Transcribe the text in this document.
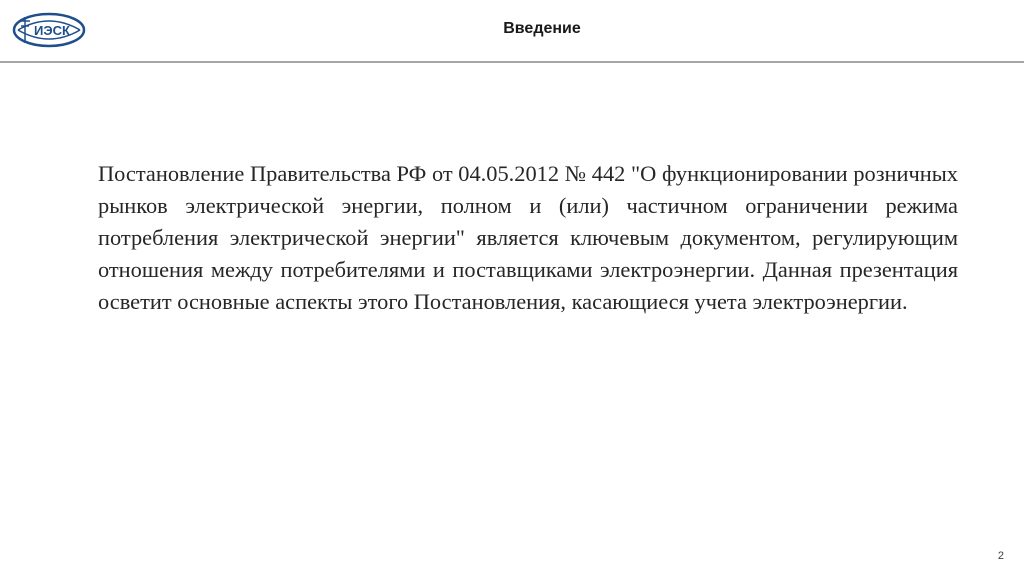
ИЭСК	Введение
Постановление Правительства РФ от 04.05.2012 № 442 "О функционировании розничных рынков электрической энергии, полном и (или) частичном ограничении режима потребления электрической энергии" является ключевым документом, регулирующим отношения между потребителями и поставщиками электроэнергии. Данная презентация осветит основные аспекты этого Постановления, касающиеся учета электроэнергии.
2
